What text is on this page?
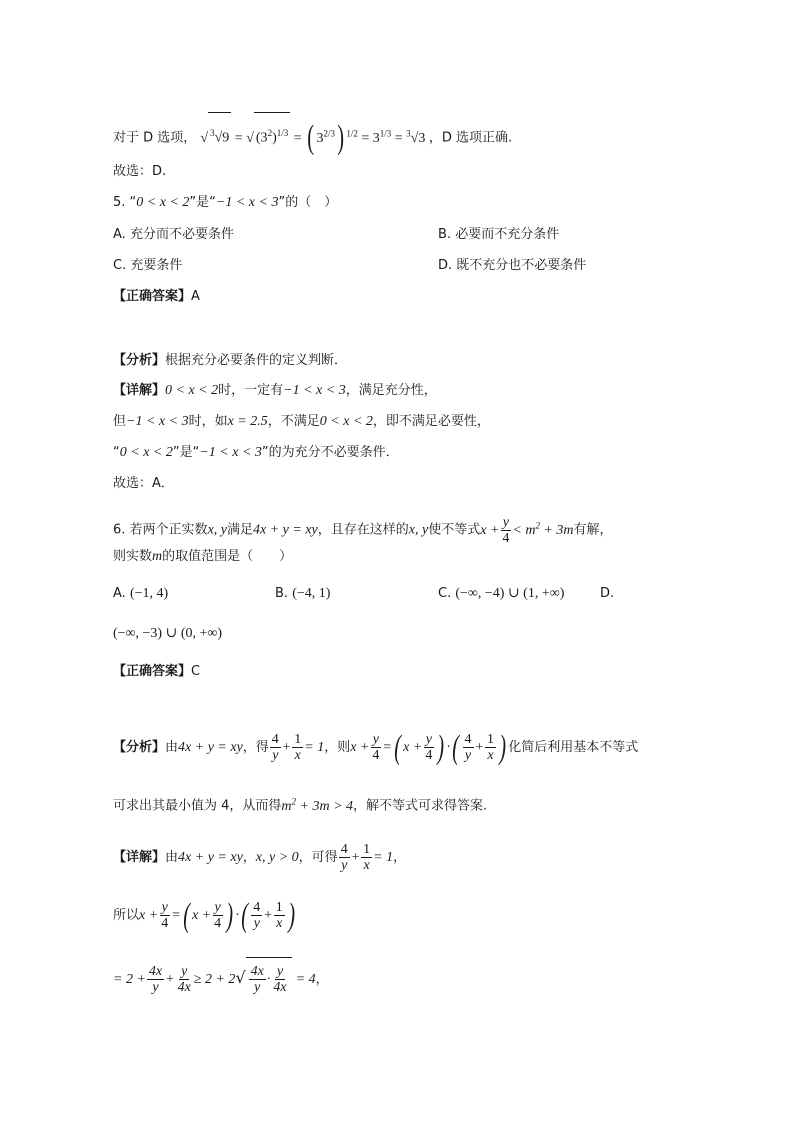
对于 D 选项， √ $^3$√9 = √ $(3^2)^{1/3}$ = ( $3^{2/3}$) $^{1/2} = 3^{1/3} = ^3√3$ ，D 选项正确.
故选：D.
5. “0 < x < 2”是“−1 < x < 3”的（　）
A. 充分而不必要条件	B. 必要而不充分条件
C. 充要条件	D. 既不充分也不必要条件
【正确答案】A
【分析】根据充分必要条件的定义判断．
【详解】0 < x < 2时，一定有−1 < x < 3，满足充分性，
但−1 < x < 3时，如x = 2.5，不满足0 < x < 2，即不满足必要性，
“0 < x < 2”是“−1 < x < 3”的为充分不必要条件．
故选：A．
6. 若两个正实数x, y满足4x + y = xy，且存在这样的x, y使不等式$x + \frac{y}{4} < m^2 + 3m$有解，
则实数m的取值范围是（　　）
A. (−1, 4)	B. (−4, 1)	C. (−∞, −4) ∪ (1, +∞)	D.
(−∞, −3) ∪ (0, +∞)
【正确答案】C
【分析】由4x + y = xy，得 $\frac{4}{y} + \frac{1}{x} = 1$，则$x + \frac{y}{4}$ =( $x + \frac{y}{4}$ ) ·( $\frac{4}{y} + \frac{1}{x}$ ) 化简后利用基本不等式
可求出其最小值为 4，从而得$m^2 + 3m > 4$，解不等式可求得答案.
【详解】由4x + y = xy，x, y > 0，可得 $\frac{4}{y} + \frac{1}{x} = 1$，
所以$x + \frac{y}{4}$ =( $x + \frac{y}{4}$ ) ·( $\frac{4}{y} + \frac{1}{x}$ )
= $2 + \frac{4x}{y} + \frac{y}{4x} \ge 2 + 2√ \frac{4x}{y} \cdot \frac{y}{4x} = 4$，
